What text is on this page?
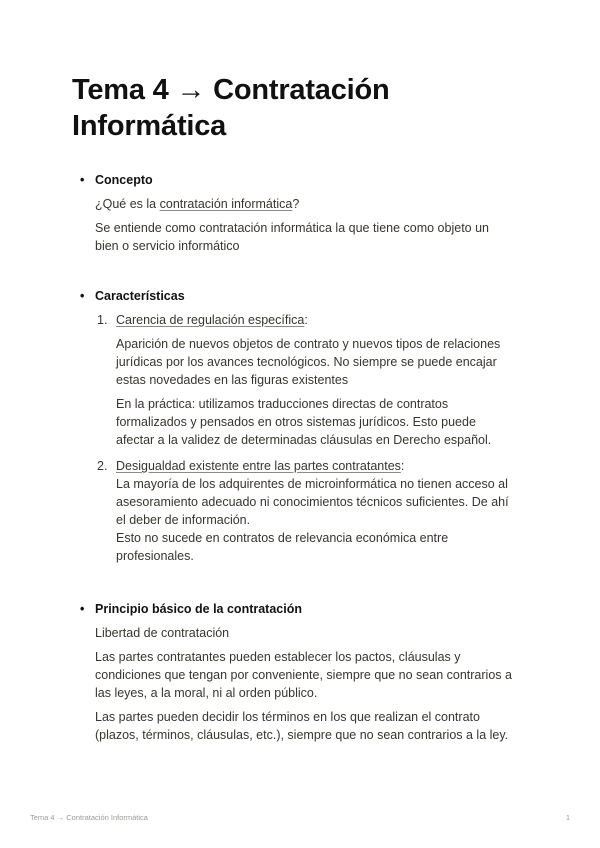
Tema 4 → Contratación Informática
• Concepto

¿Qué es la contratación informática?

Se entiende como contratación informática la que tiene como objeto un
bien o servicio informático

• Características
1. Carencia de regulación específica:

Aparición de nuevos objetos de contrato y nuevos tipos de relaciones
jurídicas por los avances tecnológicos. No siempre se puede encajar
estas novedades en las figuras existentes

En la práctica: utilizamos traducciones directas de contratos
formalizados y pensados en otros sistemas jurídicos. Esto puede
afectar a la validez de determinadas cláusulas en Derecho español.

2. Desigualdad existente entre las partes contratantes:
La mayoría de los adquirentes de microinformática no tienen acceso al
asesoramiento adecuado ni conocimientos técnicos suficientes. De ahí
el deber de información.
Esto no sucede en contratos de relevancia económica entre
profesionales.
• Principio básico de la contratación

Libertad de contratación

Las partes contratantes pueden establecer los pactos, cláusulas y
condiciones que tengan por conveniente, siempre que no sean contrarios a
las leyes, a la moral, ni al orden público.

Las partes pueden decidir los términos en los que realizan el contrato
(plazos, términos, cláusulas, etc.), siempre que no sean contrarios a la ley.

Tema 4 → Contratación Informática	1
